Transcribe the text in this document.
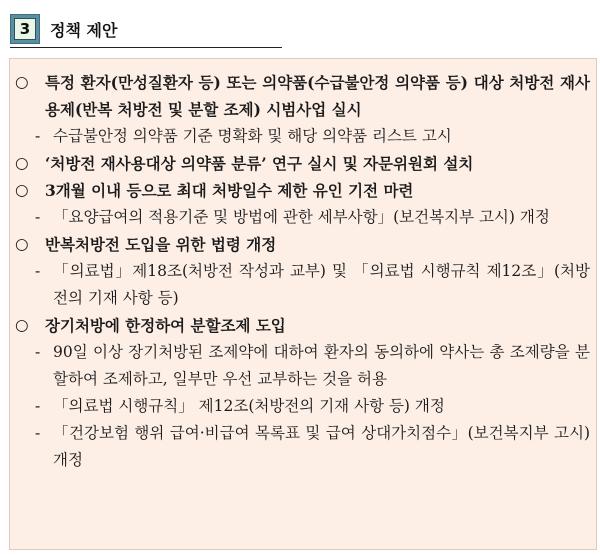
3	정책 제안
○ 특정 환자(만성질환자 등) 또는 의약품(수급불안정 의약품 등) 대상 처방전 재사용제(반복 처방전 및 분할 조제) 시범사업 실시
- 수급불안정 의약품 기준 명확화 및 해당 의약품 리스트 고시
○ ‘처방전 재사용대상 의약품 분류’ 연구 실시 및 자문위원회 설치
○ 3개월 이내 등으로 최대 처방일수 제한 유인 기전 마련
- 「요양급여의 적용기준 및 방법에 관한 세부사항」(보건복지부 고시) 개정
○ 반복처방전 도입을 위한 법령 개정
- 「의료법」제18조(처방전 작성과 교부) 및 「의료법 시행규칙 제12조」(처방전의 기재 사항 등)
○ 장기처방에 한정하여 분할조제 도입
- 90일 이상 장기처방된 조제약에 대하여 환자의 동의하에 약사는 총 조제량을 분할하여 조제하고, 일부만 우선 교부하는 것을 허용
- 「의료법 시행규칙」 제12조(처방전의 기재 사항 등) 개정
- 「건강보험 행위 급여·비급여 목록표 및 급여 상대가치점수」(보건복지부 고시) 개정
